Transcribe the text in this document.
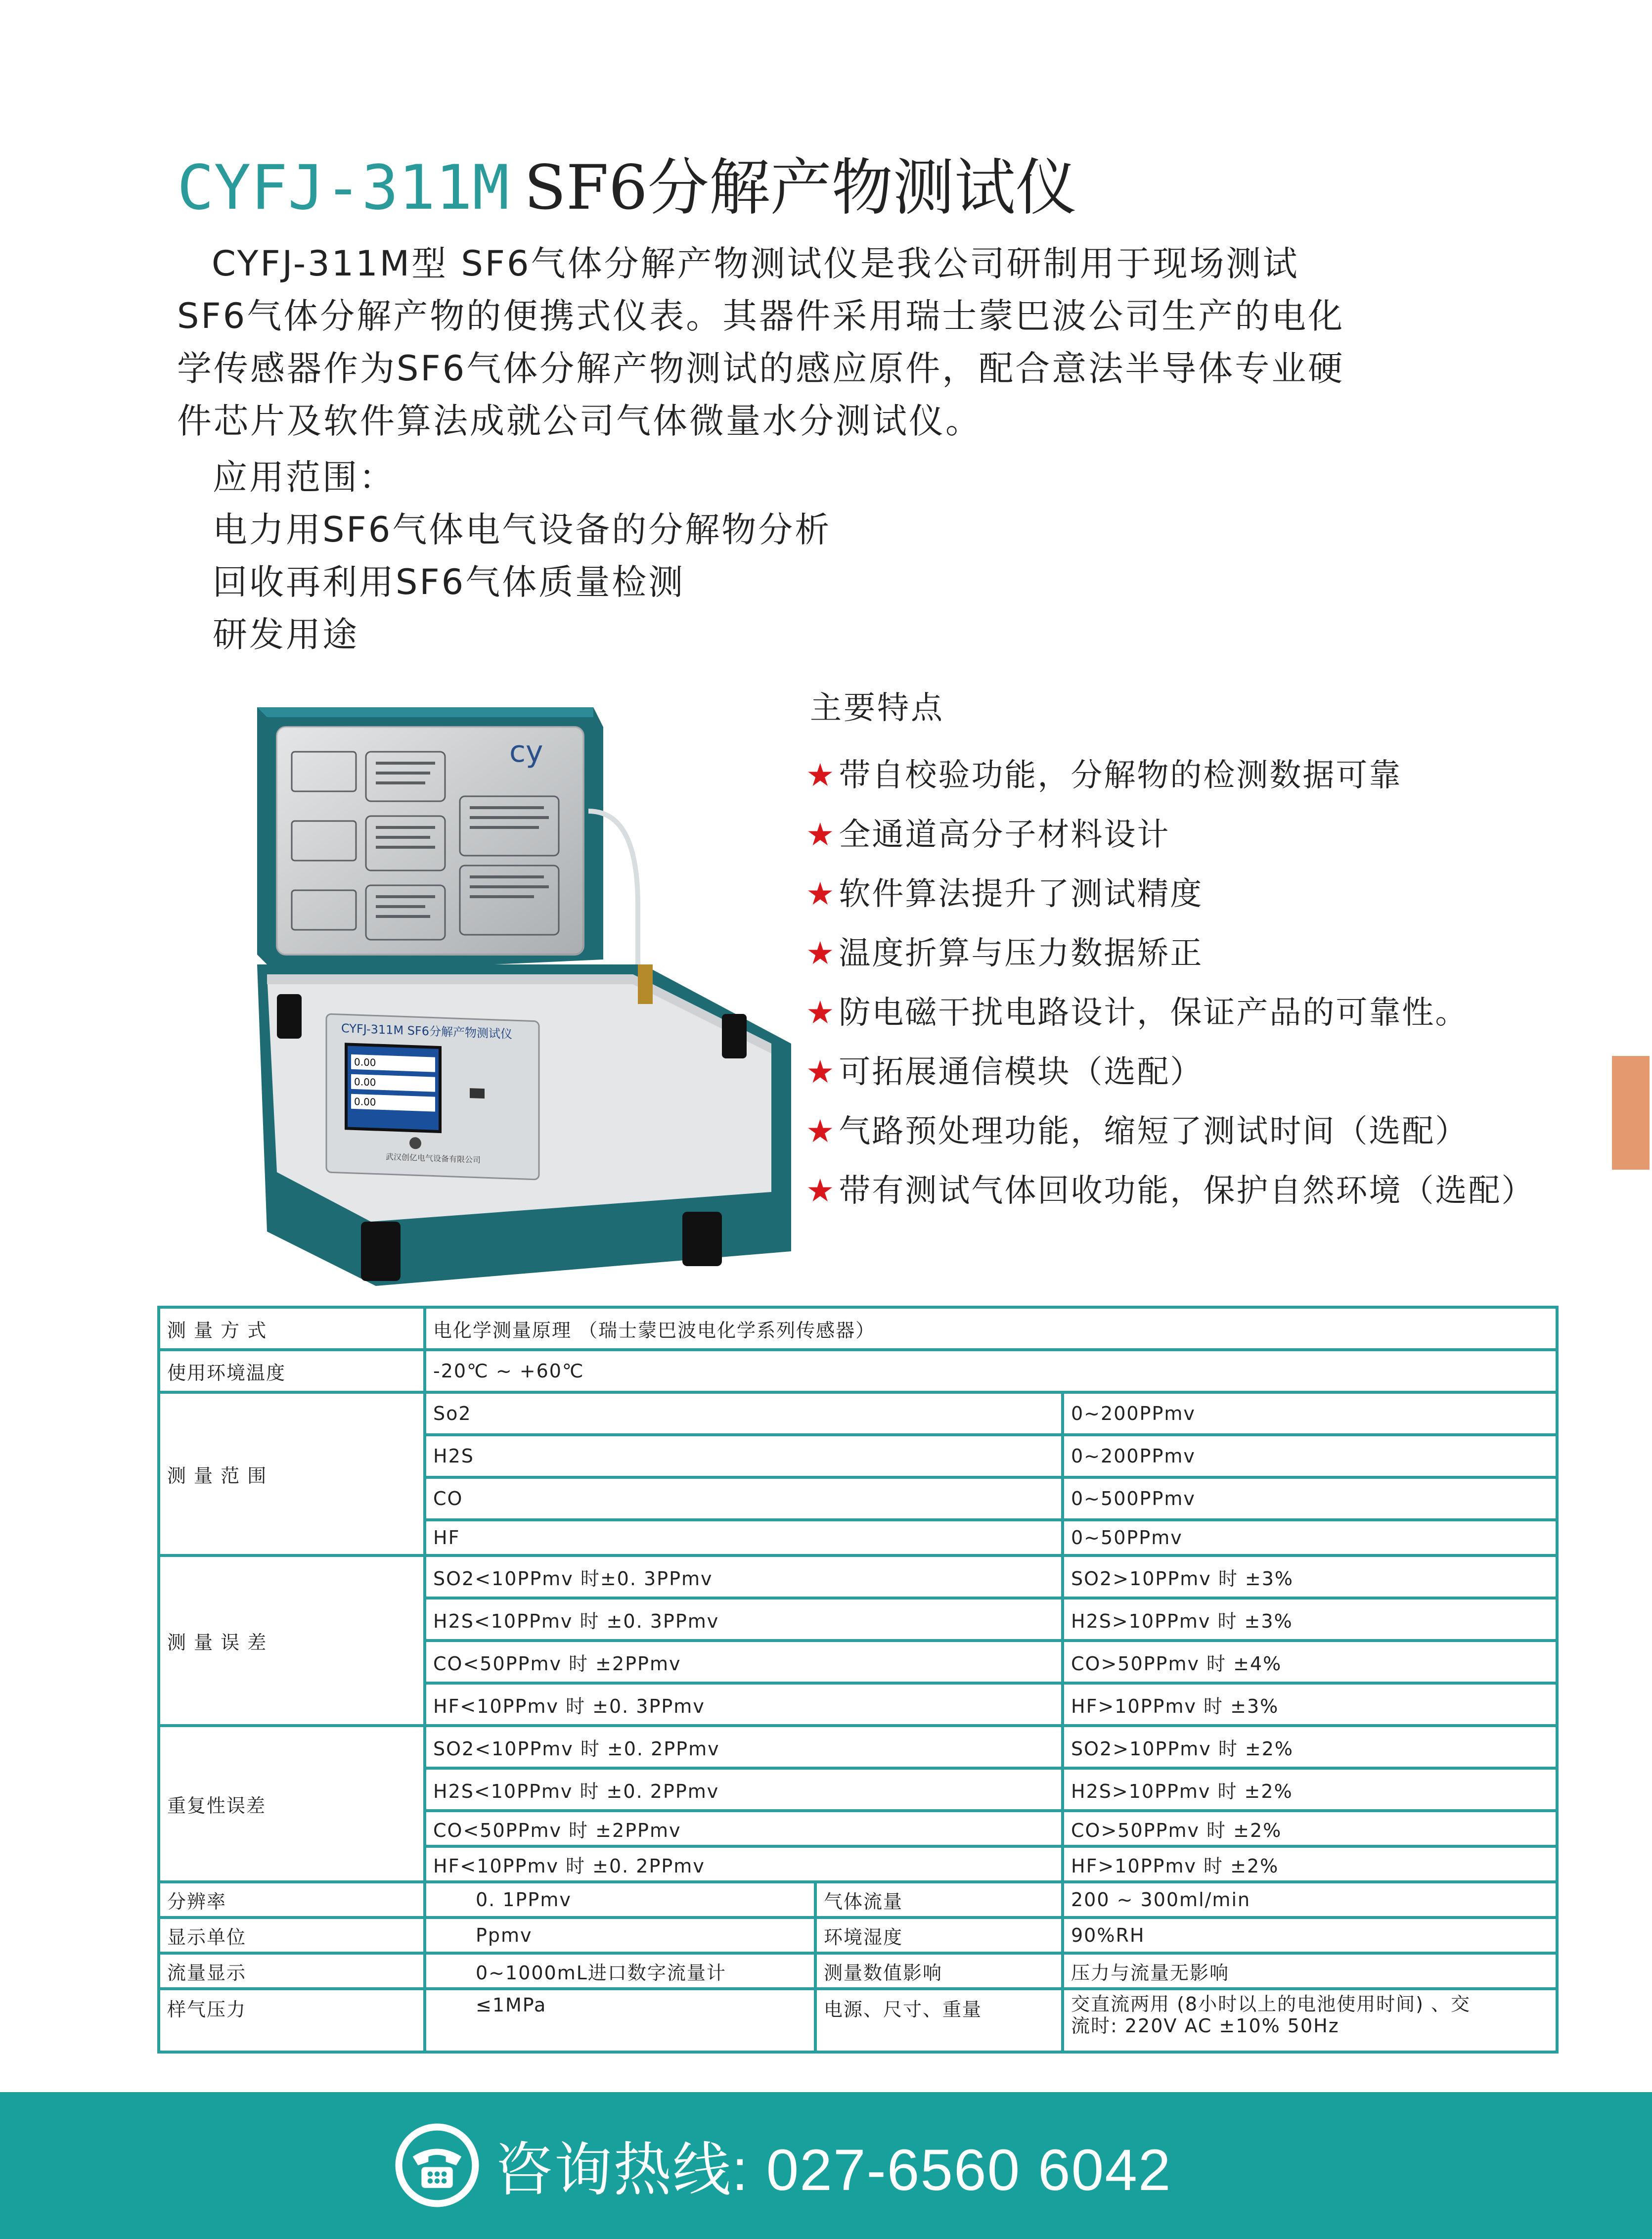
CYFJ-311M SF6分解产物测试仪

CYFJ-311M型 SF6气体分解产物测试仪是我公司研制用于现场测试

SF6气体分解产物的便携式仪表。其器件采用瑞士蒙巴波公司生产的电化

学传感器作为SF6气体分解产物测试的感应原件，配合意法半导体专业硬

件芯片及软件算法成就公司气体微量水分测试仪。

应用范围：
电力用SF6气体电气设备的分解物分析
回收再利用SF6气体质量检测
研发用途
cy
0.00
0.00
0.00
CYFJ-311M SF6分解产物测试仪
武汉创亿电气设备有限公司
主要特点
★带自校验功能，分解物的检测数据可靠
★全通道高分子材料设计
★软件算法提升了测试精度
★温度折算与压力数据矫正
★防电磁干扰电路设计，保证产品的可靠性。
★可拓展通信模块（选配）
★气路预处理功能，缩短了测试时间（选配）
★带有测试气体回收功能，保护自然环境（选配）
测 量 方 式	电化学测量原理 （瑞士蒙巴波电化学系列传感器）		
使用环境温度	-20℃ ~ +60℃		
测 量 范 围	So2		0~200PPmv
	H2S		0~200PPmv
	CO		0~500PPmv
	HF		0~50PPmv
测 量 误 差	SO2<10PPmv 时±0. 3PPmv		SO2>10PPmv 时 ±3%
	H2S<10PPmv 时 ±0. 3PPmv		H2S>10PPmv 时 ±3%
	CO<50PPmv 时 ±2PPmv		CO>50PPmv 时 ±4%
	HF<10PPmv 时 ±0. 3PPmv		HF>10PPmv 时 ±3%
重复性误差	SO2<10PPmv 时 ±0. 2PPmv		SO2>10PPmv 时 ±2%
	H2S<10PPmv 时 ±0. 2PPmv		H2S>10PPmv 时 ±2%
	CO<50PPmv 时 ±2PPmv		CO>50PPmv 时 ±2%
	HF<10PPmv 时 ±0. 2PPmv		HF>10PPmv 时 ±2%
分辨率	0. 1PPmv	气体流量	200 ~ 300ml/min
显示单位	Ppmv	环境湿度	90%RH
流量显示	0~1000mL进口数字流量计	测量数值影响	压力与流量无影响
样气压力	≤1MPa	电源、尺寸、重量	交直流两用 (8小时以上的电池使用时间) 、交
流时: 220V AC ±10% 50Hz
咨询热线: 027-6560 6042
